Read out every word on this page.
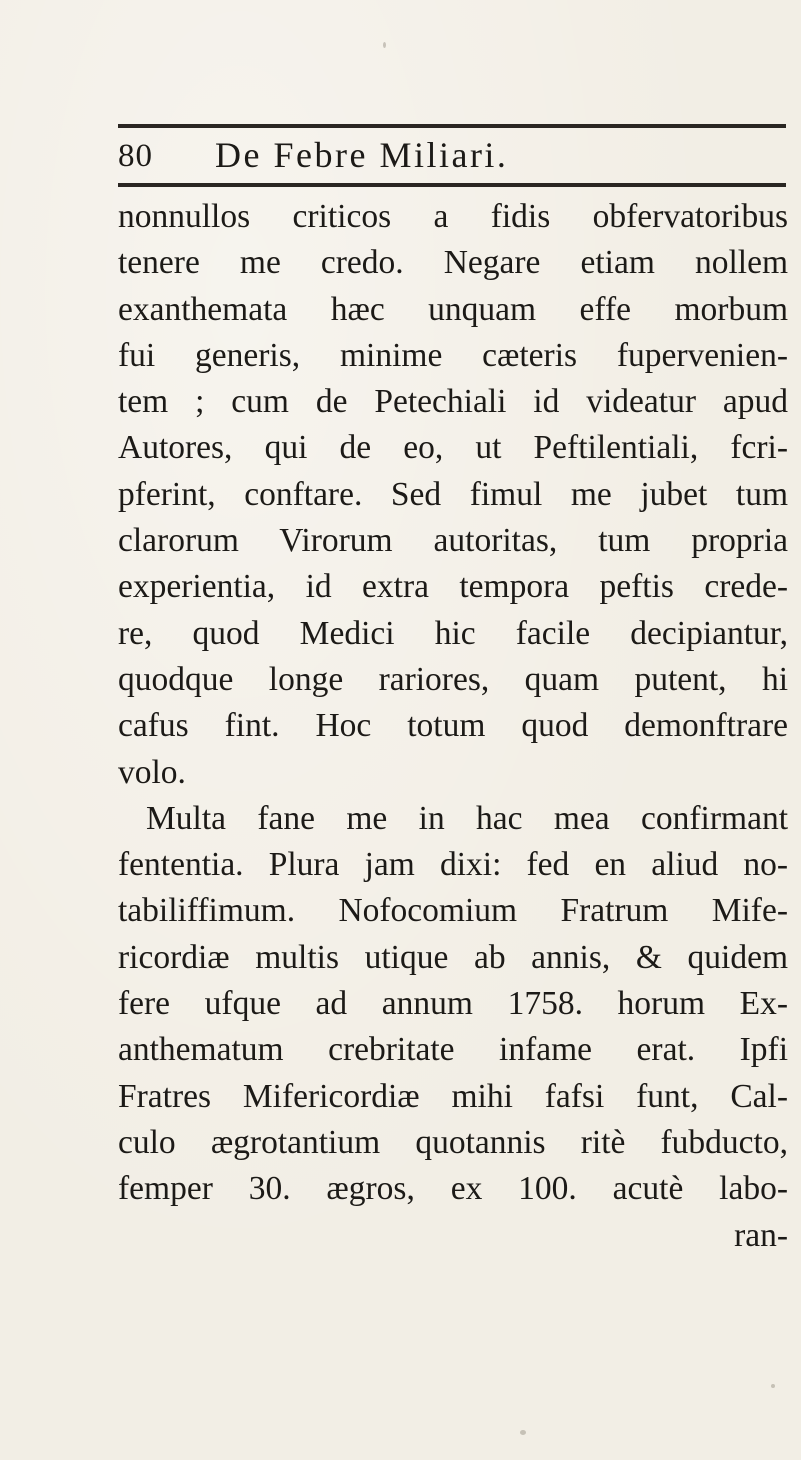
80 De Febre Miliari.
nonnullos criticos a fidis obfervatoribus
tenere me credo. Negare etiam nollem
exanthemata hæc unquam effe morbum
fui generis, minime cæteris fupervenien-
tem ; cum de Petechiali id videatur apud
Autores, qui de eo, ut Peftilentiali, fcri-
pferint, conftare. Sed fimul me jubet tum
clarorum Virorum autoritas, tum propria
experientia, id extra tempora peftis crede-
re, quod Medici hic facile decipiantur,
quodque longe rariores, quam putent, hi
cafus fint. Hoc totum quod demonftrare
volo.
Multa fane me in hac mea confirmant
fententia. Plura jam dixi: fed en aliud no-
tabiliffimum. Nofocomium Fratrum Mife-
ricordiæ multis utique ab annis, & quidem
fere ufque ad annum 1758. horum Ex-
anthematum crebritate infame erat. Ipfi
Fratres Mifericordiæ mihi fafsi funt, Cal-
culo ægrotantium quotannis ritè fubducto,
femper 30. ægros, ex 100. acutè labo-
ran-
